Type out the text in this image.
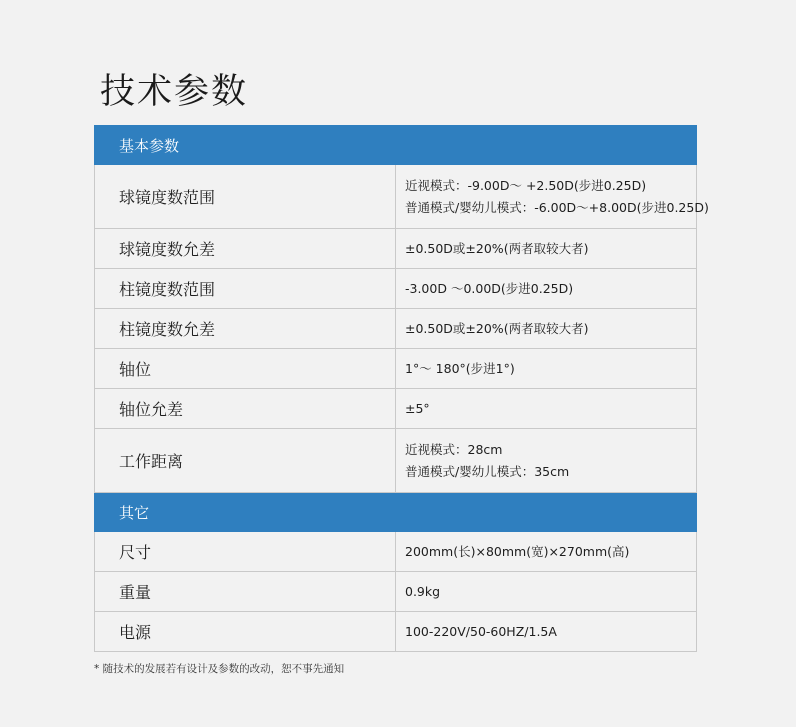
技术参数
基本参数	
球镜度数范围	近视模式：-9.00D～ +2.50D(步进0.25D)
普通模式/婴幼儿模式：-6.00D～+8.00D(步进0.25D)

球镜度数允差	±0.50D或±20%(两者取较大者)

柱镜度数范围	-3.00D ～0.00D(步进0.25D)

柱镜度数允差	±0.50D或±20%(两者取较大者)

轴位	1°～ 180°(步进1°)

轴位允差	±5°

工作距离	近视模式：28cm
普通模式/婴幼儿模式：35cm

其它	
尺寸	200mm(长)×80mm(宽)×270mm(高)

重量	0.9kg

电源	100-220V/50-60HZ/1.5A

* 随技术的发展若有设计及参数的改动，恕不事先通知
